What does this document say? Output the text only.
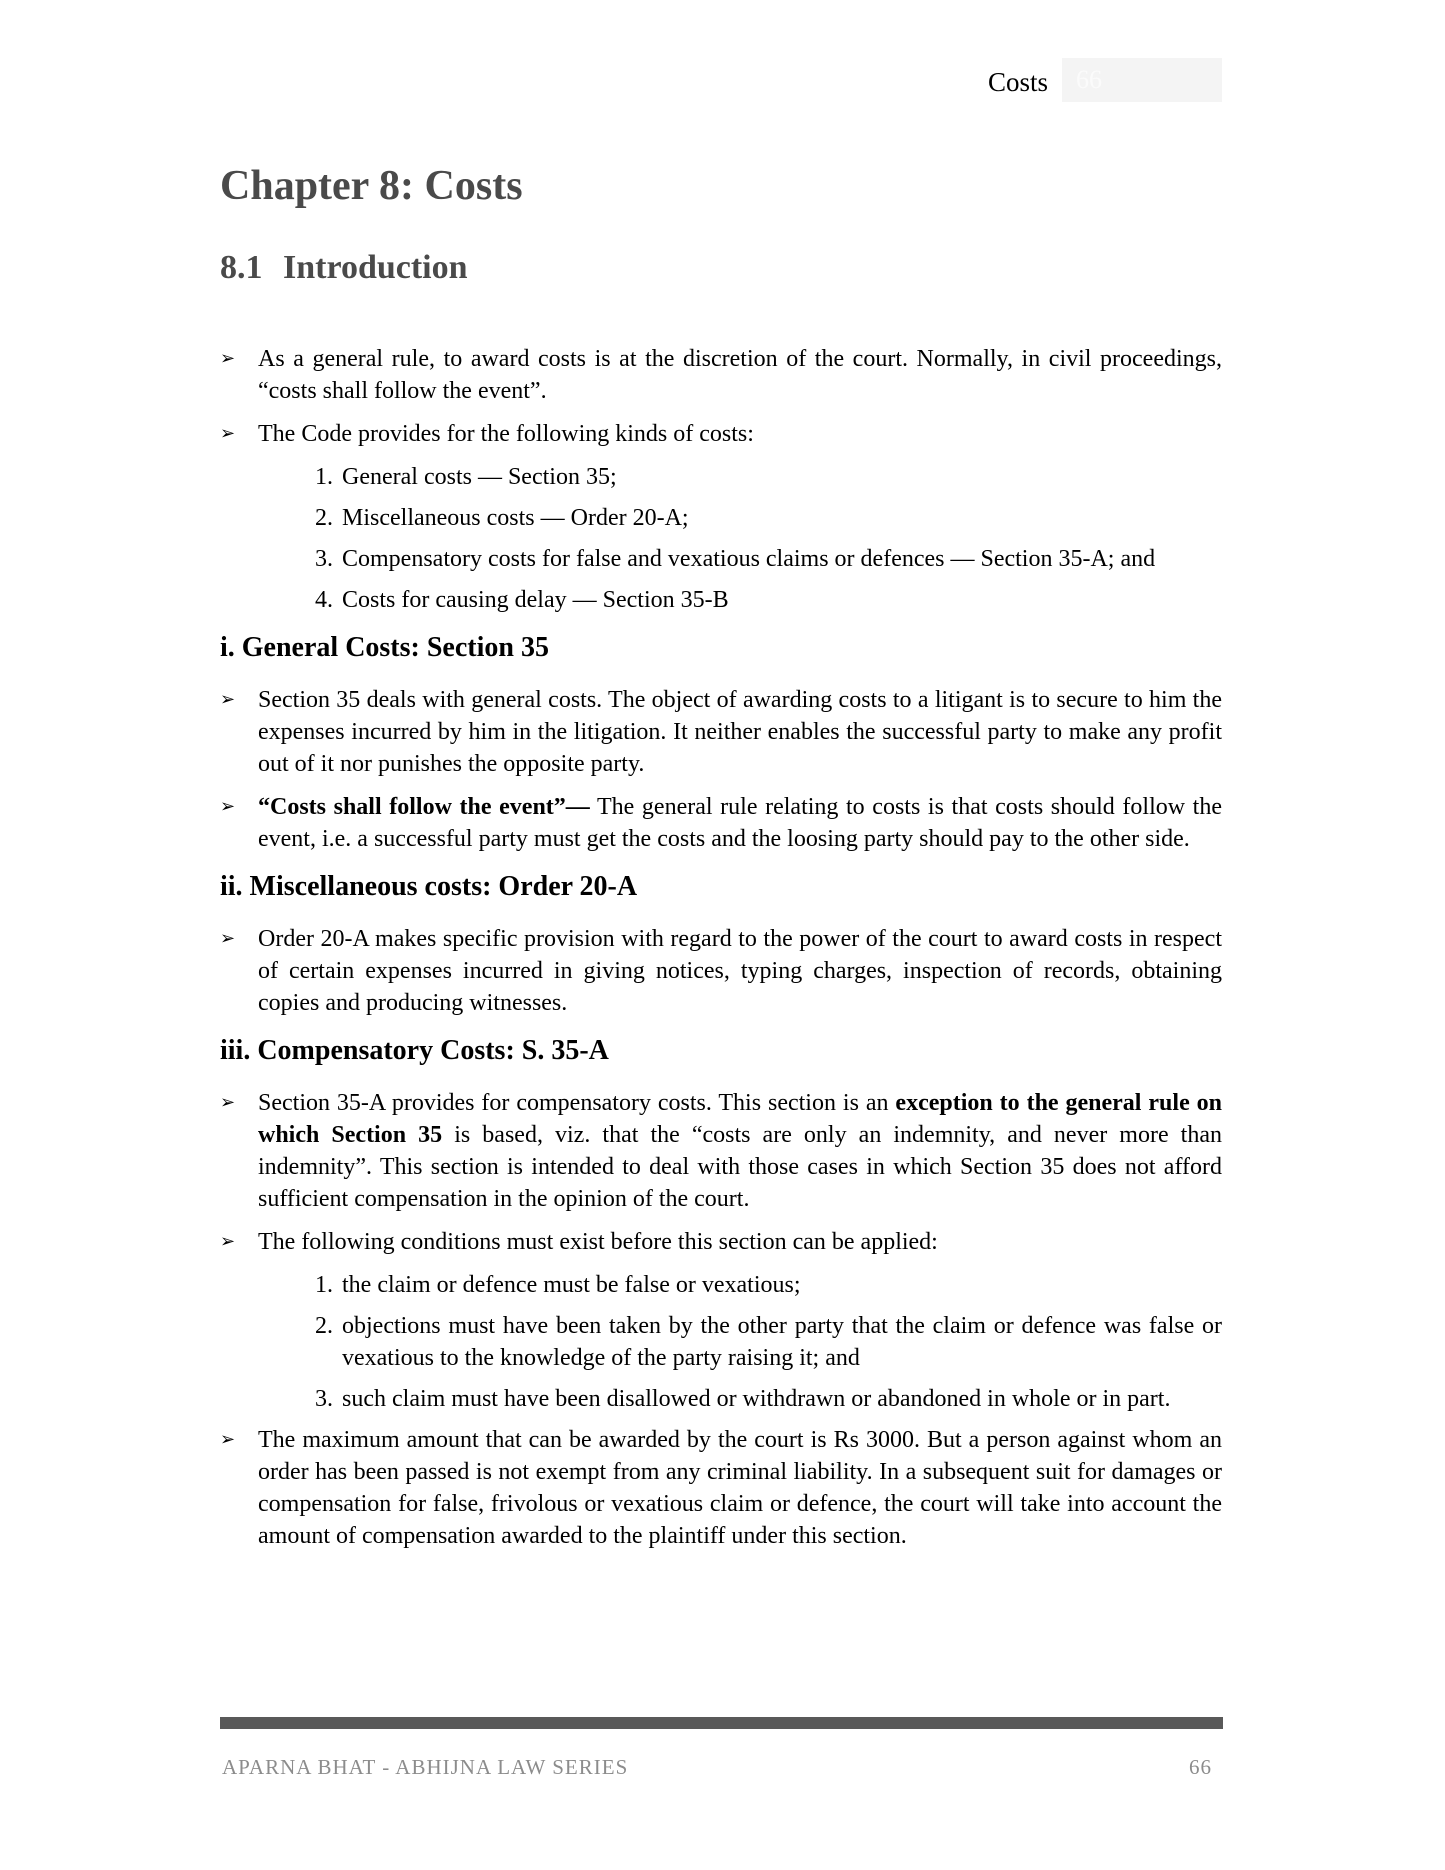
Costs	66
Chapter 8: Costs
8.1 Introduction
➢ As a general rule, to award costs is at the discretion of the court. Normally, in civil proceedings, “costs shall follow the event”.
➢ The Code provides for the following kinds of costs:
1. General costs — Section 35;
2. Miscellaneous costs — Order 20-A;
3. Compensatory costs for false and vexatious claims or defences — Section 35-A; and
4. Costs for causing delay — Section 35-B
i. General Costs: Section 35
➢ Section 35 deals with general costs. The object of awarding costs to a litigant is to secure to him the expenses incurred by him in the litigation. It neither enables the successful party to make any profit out of it nor punishes the opposite party.
➢ “Costs shall follow the event”— The general rule relating to costs is that costs should follow the event, i.e. a successful party must get the costs and the loosing party should pay to the other side.
ii. Miscellaneous costs: Order 20-A
➢ Order 20-A makes specific provision with regard to the power of the court to award costs in respect of certain expenses incurred in giving notices, typing charges, inspection of records, obtaining copies and producing witnesses.
iii. Compensatory Costs: S. 35-A
➢ Section 35-A provides for compensatory costs. This section is an exception to the general rule on which Section 35 is based, viz. that the “costs are only an indemnity, and never more than indemnity”. This section is intended to deal with those cases in which Section 35 does not afford sufficient compensation in the opinion of the court.
➢ The following conditions must exist before this section can be applied:
1. the claim or defence must be false or vexatious;
2. objections must have been taken by the other party that the claim or defence was false or vexatious to the knowledge of the party raising it; and
3. such claim must have been disallowed or withdrawn or abandoned in whole or in part.
➢ The maximum amount that can be awarded by the court is Rs 3000. But a person against whom an order has been passed is not exempt from any criminal liability. In a subsequent suit for damages or compensation for false, frivolous or vexatious claim or defence, the court will take into account the amount of compensation awarded to the plaintiff under this section.
APARNA BHAT - ABHIJNA LAW SERIES	66
